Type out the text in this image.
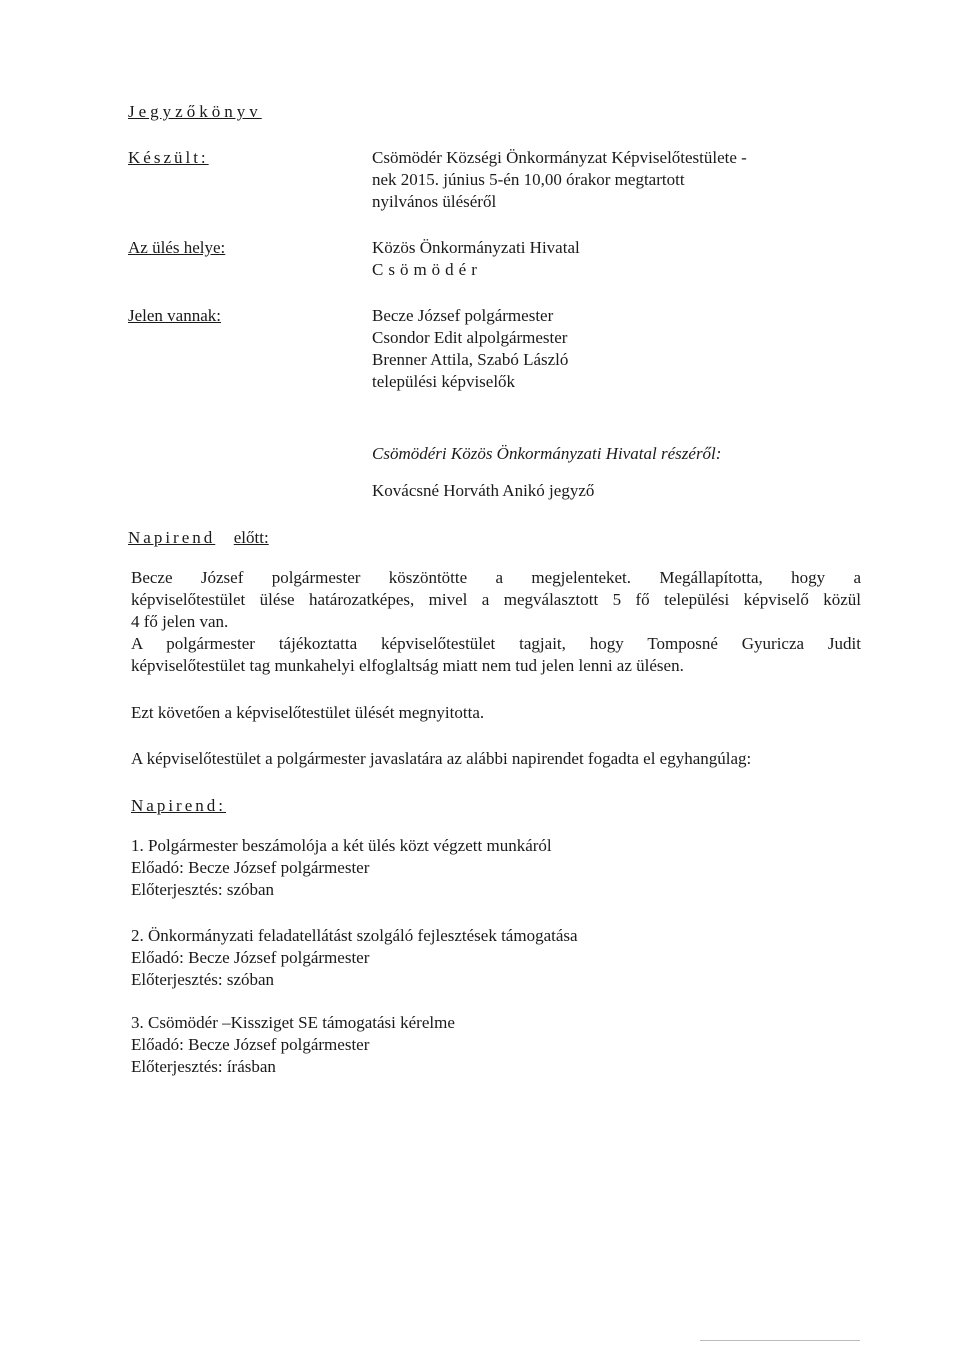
Jegyzőkönyv
Készült:	Csömödér Községi Önkormányzat Képviselőtestülete -
nek 2015. június 5-én 10,00 órakor megtartott
nyilvános üléséről
Az ülés helye:	Közös Önkormányzati Hivatal
Csömödér
Jelen vannak:	Becze József polgármester
Csondor Edit alpolgármester
Brenner Attila, Szabó László
települési képviselők
Csömödéri Közös Önkormányzati Hivatal részéről:
Kovácsné Horváth Anikó jegyző
Napirend előtt:
Becze József polgármester köszöntötte a megjelenteket. Megállapította, hogy a
képviselőtestület ülése határozatképes, mivel a megválasztott 5 fő települési képviselő közül
4 fő jelen van.
A polgármester tájékoztatta képviselőtestület tagjait, hogy Tomposné Gyuricza Judit
képviselőtestület tag munkahelyi elfoglaltság miatt nem tud jelen lenni az ülésen.
Ezt követően a képviselőtestület ülését megnyitotta.
A képviselőtestület a polgármester javaslatára az alábbi napirendet fogadta el egyhangúlag:
Napirend:
1. Polgármester beszámolója a két ülés közt végzett munkáról
Előadó: Becze József polgármester
Előterjesztés: szóban
2. Önkormányzati feladatellátást szolgáló fejlesztések támogatása
Előadó: Becze József polgármester
Előterjesztés: szóban
3. Csömödér –Kissziget SE támogatási kérelme
Előadó: Becze József polgármester
Előterjesztés: írásban
